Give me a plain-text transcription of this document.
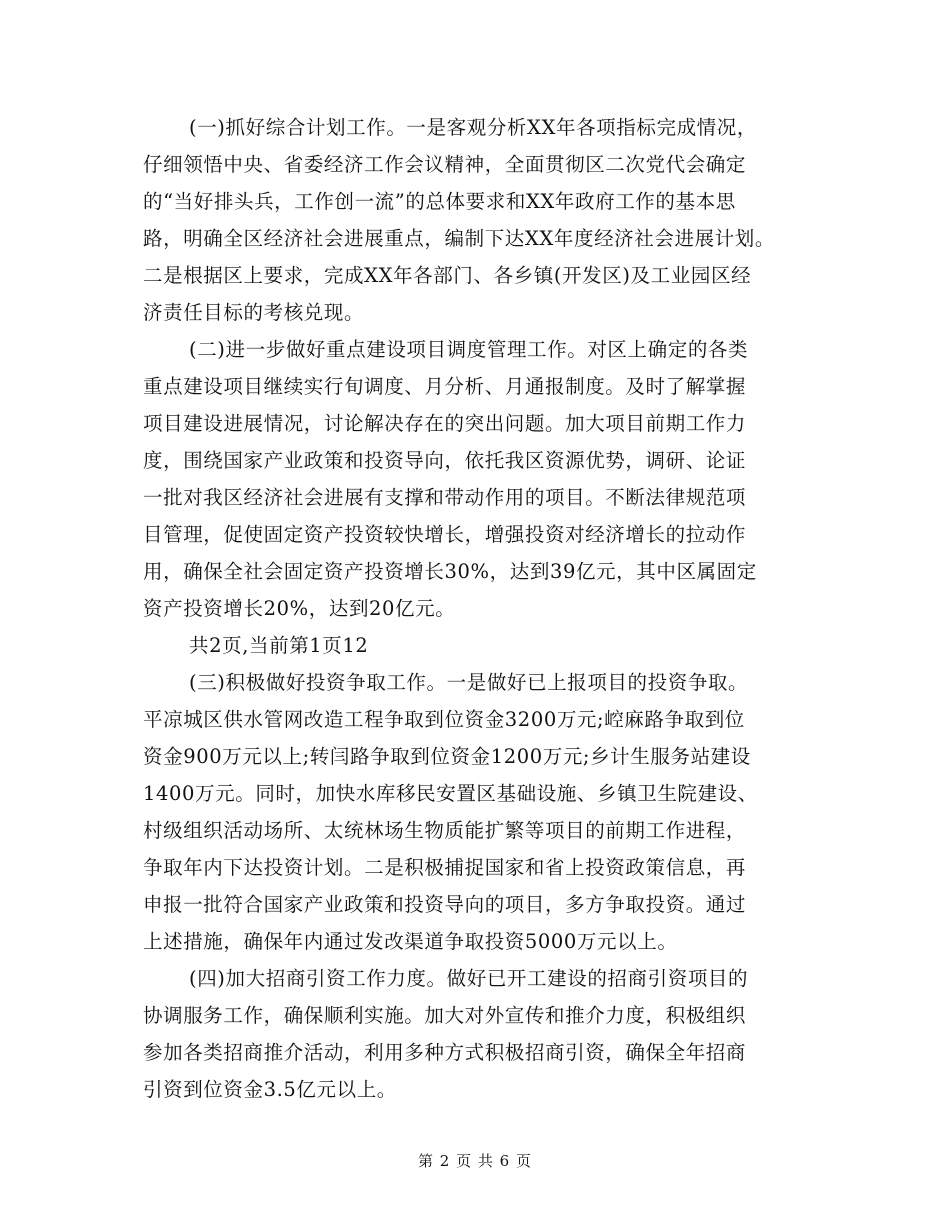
(一)抓好综合计划工作。一是客观分析XX年各项指标完成情况，
仔细领悟中央、省委经济工作会议精神，全面贯彻区二次党代会确定
的“当好排头兵，工作创一流”的总体要求和XX年政府工作的基本思
路，明确全区经济社会进展重点，编制下达XX年度经济社会进展计划。
二是根据区上要求，完成XX年各部门、各乡镇(开发区)及工业园区经
济责任目标的考核兑现。
(二)进一步做好重点建设项目调度管理工作。对区上确定的各类
重点建设项目继续实行旬调度、月分析、月通报制度。及时了解掌握
项目建设进展情况，讨论解决存在的突出问题。加大项目前期工作力
度，围绕国家产业政策和投资导向，依托我区资源优势，调研、论证
一批对我区经济社会进展有支撑和带动作用的项目。不断法律规范项
目管理，促使固定资产投资较快增长，增强投资对经济增长的拉动作
用，确保全社会固定资产投资增长30%，达到39亿元，其中区属固定
资产投资增长20%，达到20亿元。
共2页,当前第1页12
(三)积极做好投资争取工作。一是做好已上报项目的投资争取。
平凉城区供水管网改造工程争取到位资金3200万元;崆麻路争取到位
资金900万元以上;转闫路争取到位资金1200万元;乡计生服务站建设
1400万元。同时，加快水库移民安置区基础设施、乡镇卫生院建设、
村级组织活动场所、太统林场生物质能扩繁等项目的前期工作进程，
争取年内下达投资计划。二是积极捕捉国家和省上投资政策信息，再
申报一批符合国家产业政策和投资导向的项目，多方争取投资。通过
上述措施，确保年内通过发改渠道争取投资5000万元以上。
(四)加大招商引资工作力度。做好已开工建设的招商引资项目的
协调服务工作，确保顺利实施。加大对外宣传和推介力度，积极组织
参加各类招商推介活动，利用多种方式积极招商引资，确保全年招商
引资到位资金3.5亿元以上。
第 2 页 共 6 页
